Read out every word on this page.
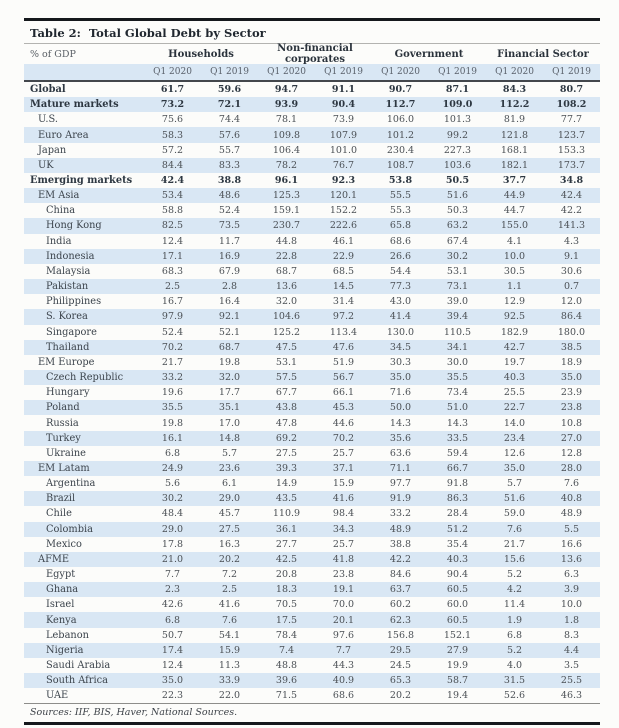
Table 2:  Total Global Debt by Sector
% of GDP	Households	Non-financial corporates	Government	Financial Sector
Q1 2020	Q1 2019	Q1 2020	Q1 2019	Q1 2020	Q1 2019	Q1 2020	Q1 2019
Global	61.7	59.6	94.7	91.1	90.7	87.1	84.3	80.7
Mature markets	73.2	72.1	93.9	90.4	112.7	109.0	112.2	108.2
U.S.	75.6	74.4	78.1	73.9	106.0	101.3	81.9	77.7
Euro Area	58.3	57.6	109.8	107.9	101.2	99.2	121.8	123.7
Japan	57.2	55.7	106.4	101.0	230.4	227.3	168.1	153.3
UK	84.4	83.3	78.2	76.7	108.7	103.6	182.1	173.7
Emerging markets	42.4	38.8	96.1	92.3	53.8	50.5	37.7	34.8
EM Asia	53.4	48.6	125.3	120.1	55.5	51.6	44.9	42.4
China	58.8	52.4	159.1	152.2	55.3	50.3	44.7	42.2
Hong Kong	82.5	73.5	230.7	222.6	65.8	63.2	155.0	141.3
India	12.4	11.7	44.8	46.1	68.6	67.4	4.1	4.3
Indonesia	17.1	16.9	22.8	22.9	26.6	30.2	10.0	9.1
Malaysia	68.3	67.9	68.7	68.5	54.4	53.1	30.5	30.6
Pakistan	2.5	2.8	13.6	14.5	77.3	73.1	1.1	0.7
Philippines	16.7	16.4	32.0	31.4	43.0	39.0	12.9	12.0
S. Korea	97.9	92.1	104.6	97.2	41.4	39.4	92.5	86.4
Singapore	52.4	52.1	125.2	113.4	130.0	110.5	182.9	180.0
Thailand	70.2	68.7	47.5	47.6	34.5	34.1	42.7	38.5
EM Europe	21.7	19.8	53.1	51.9	30.3	30.0	19.7	18.9
Czech Republic	33.2	32.0	57.5	56.7	35.0	35.5	40.3	35.0
Hungary	19.6	17.7	67.7	66.1	71.6	73.4	25.5	23.9
Poland	35.5	35.1	43.8	45.3	50.0	51.0	22.7	23.8
Russia	19.8	17.0	47.8	44.6	14.3	14.3	14.0	10.8
Turkey	16.1	14.8	69.2	70.2	35.6	33.5	23.4	27.0
Ukraine	6.8	5.7	27.5	25.7	63.6	59.4	12.6	12.8
EM Latam	24.9	23.6	39.3	37.1	71.1	66.7	35.0	28.0
Argentina	5.6	6.1	14.9	15.9	97.7	91.8	5.7	7.6
Brazil	30.2	29.0	43.5	41.6	91.9	86.3	51.6	40.8
Chile	48.4	45.7	110.9	98.4	33.2	28.4	59.0	48.9
Colombia	29.0	27.5	36.1	34.3	48.9	51.2	7.6	5.5
Mexico	17.8	16.3	27.7	25.7	38.8	35.4	21.7	16.6
AFME	21.0	20.2	42.5	41.8	42.2	40.3	15.6	13.6
Egypt	7.7	7.2	20.8	23.8	84.6	90.4	5.2	6.3
Ghana	2.3	2.5	18.3	19.1	63.7	60.5	4.2	3.9
Israel	42.6	41.6	70.5	70.0	60.2	60.0	11.4	10.0
Kenya	6.8	7.6	17.5	20.1	62.3	60.5	1.9	1.8
Lebanon	50.7	54.1	78.4	97.6	156.8	152.1	6.8	8.3
Nigeria	17.4	15.9	7.4	7.7	29.5	27.9	5.2	4.4
Saudi Arabia	12.4	11.3	48.8	44.3	24.5	19.9	4.0	3.5
South Africa	35.0	33.9	39.6	40.9	65.3	58.7	31.5	25.5
UAE	22.3	22.0	71.5	68.6	20.2	19.4	52.6	46.3
Sources: IIF, BIS, Haver, National Sources.
